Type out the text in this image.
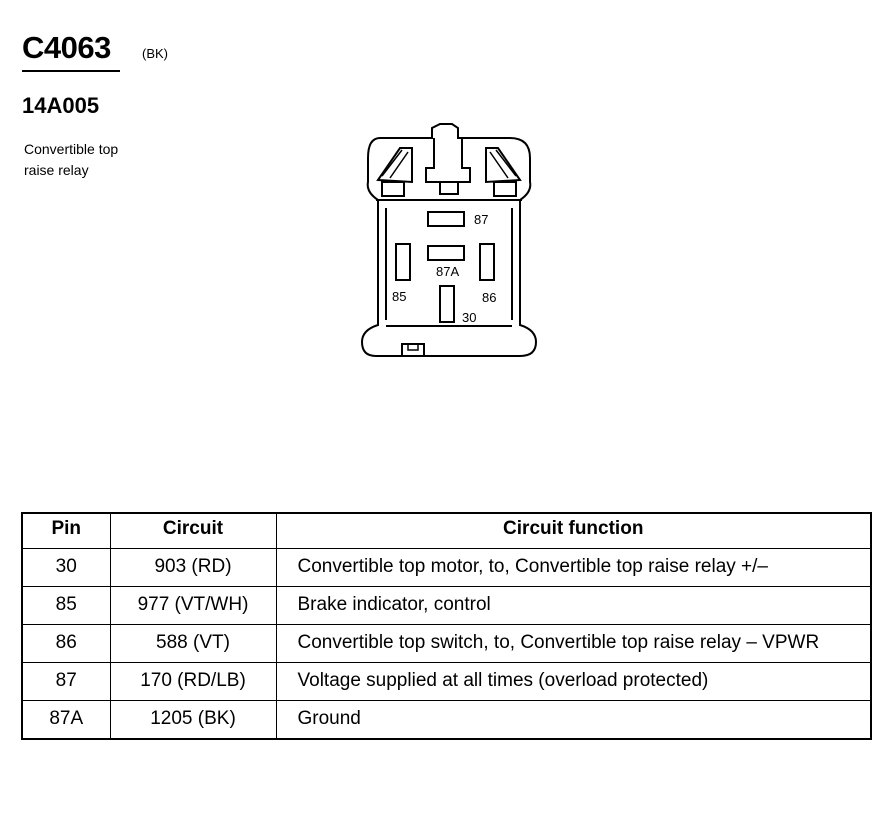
C4063 (BK)
14A005
Convertible top
raise relay
87
87A
85	86
30
Pin	Circuit	Circuit function
30	903 (RD)	Convertible top motor, to, Convertible top raise relay +/–
85	977 (VT/WH)	Brake indicator, control
86	588 (VT)	Convertible top switch, to, Convertible top raise relay – VPWR
87	170 (RD/LB)	Voltage supplied at all times (overload protected)
87A	1205 (BK)	Ground
